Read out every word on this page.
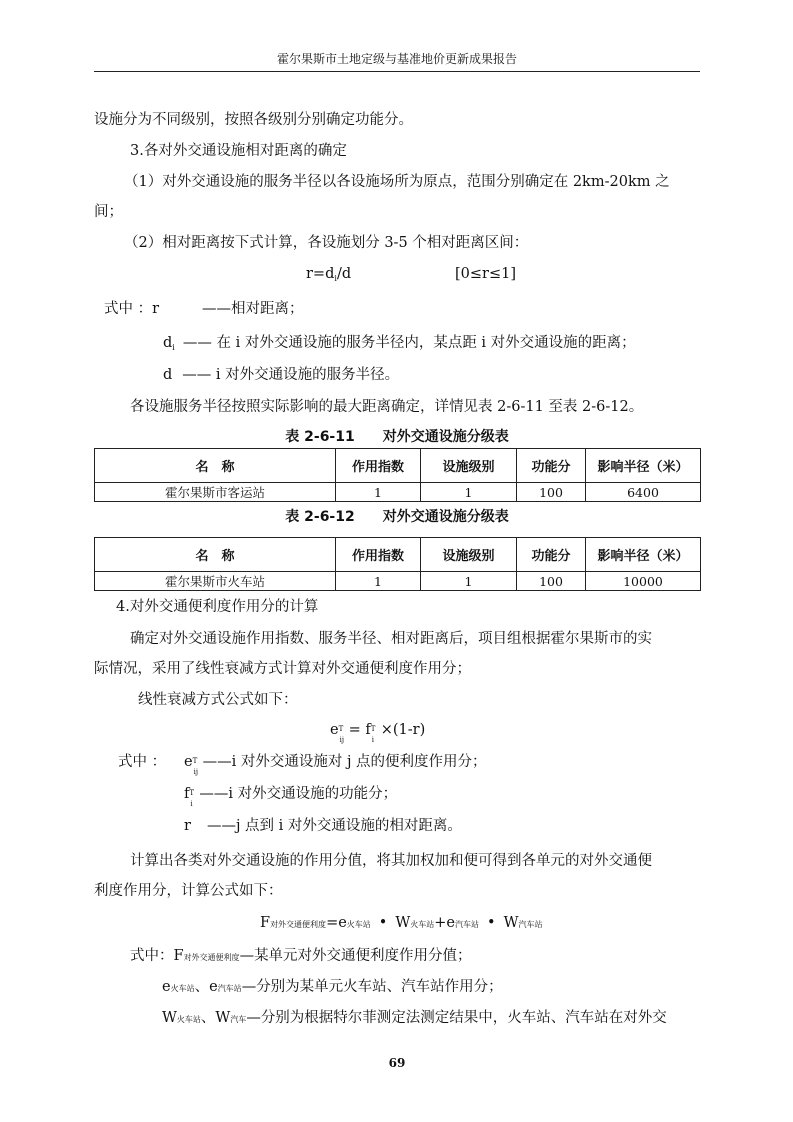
霍尔果斯市土地定级与基准地价更新成果报告
设施分为不同级别，按照各级别分别确定功能分。
3.各对外交通设施相对距离的确定
（1）对外交通设施的服务半径以各设施场所为原点，范围分别确定在 2km-20km 之
间；
（2）相对距离按下式计算，各设施划分 3-5 个相对距离区间：
$r=d_i/d$	[0≤r≤1]
式中 ：r	——相对距离；
$d_i$ —— 在 i 对外交通设施的服务半径内，某点距 i 对外交通设施的距离；
d —— i 对外交通设施的服务半径。
各设施服务半径按照实际影响的最大距离确定，详情见表 2-6-11 至表 2-6-12。
表 2-6-11 对外交通设施分级表
名　称	作用指数	设施级别	功能分	影响半径（米）
霍尔果斯市客运站	1	1	100	6400
表 2-6-12 对外交通设施分级表
名　称	作用指数	设施级别	功能分	影响半径（米）
霍尔果斯市火车站	1	1	100	10000
4.对外交通便利度作用分的计算
确定对外交通设施作用指数、服务半径、相对距离后，项目组根据霍尔果斯市的实
际情况，采用了线性衰减方式计算对外交通便利度作用分；
线性衰减方式公式如下：
e T
ij
= f T
i
×(1-r)
式中 ： e T
ij
——i 对外交通设施对 j 点的便利度作用分；
f T
i
——i 对外交通设施的功能分；
r ——j 点到 i 对外交通设施的相对距离。
计算出各类对外交通设施的作用分值，将其加权加和便可得到各单元的对外交通便
利度作用分，计算公式如下：
F对外交通便利度=e火车站 • W火车站+e汽车站 • W汽车站
式中：F对外交通便利度—某单元对外交通便利度作用分值；
e火车站、e汽车站—分别为某单元火车站、汽车站作用分；
W火车站、W汽车—分别为根据特尔菲测定法测定结果中，火车站、汽车站在对外交
69
